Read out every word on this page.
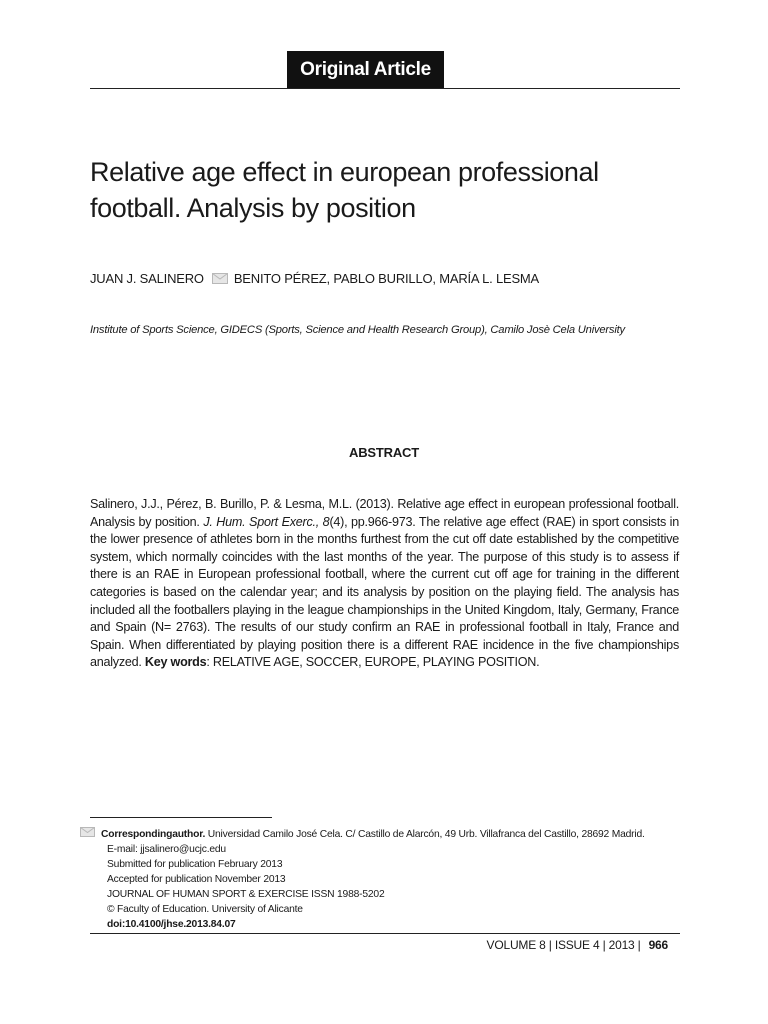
Original Article
Relative age effect in european professional football. Analysis by position
JUAN J. SALINERO BENITO PÉREZ, PABLO BURILLO, MARÍA L. LESMA
Institute of Sports Science, GIDECS (Sports, Science and Health Research Group), Camilo Josè Cela University
ABSTRACT

Salinero, J.J., Pérez, B. Burillo, P. & Lesma, M.L. (2013). Relative age effect in european professional football. Analysis by position. J. Hum. Sport Exerc., 8(4), pp.966-973. The relative age effect (RAE) in sport consists in the lower presence of athletes born in the months furthest from the cut off date established by the competitive system, which normally coincides with the last months of the year. The purpose of this study is to assess if there is an RAE in European professional football, where the current cut off age for training in the different categories is based on the calendar year; and its analysis by position on the playing field. The analysis has included all the footballers playing in the league championships in the United Kingdom, Italy, Germany, France and Spain (N= 2763). The results of our study confirm an RAE in professional football in Italy, France and Spain. When differentiated by playing position there is a different RAE incidence in the five championships analyzed. Key words: RELATIVE AGE, SOCCER, EUROPE, PLAYING POSITION.

Correspondingauthor. Universidad Camilo José Cela. C/ Castillo de Alarcón, 49 Urb. Villafranca del Castillo, 28692 Madrid.

E-mail: jjsalinero@ucjc.edu

Submitted for publication February 2013

Accepted for publication November 2013

JOURNAL OF HUMAN SPORT & EXERCISE ISSN 1988-5202

© Faculty of Education. University of Alicante

doi:10.4100/jhse.2013.84.07

VOLUME 8 | ISSUE 4 | 2013 | 966
